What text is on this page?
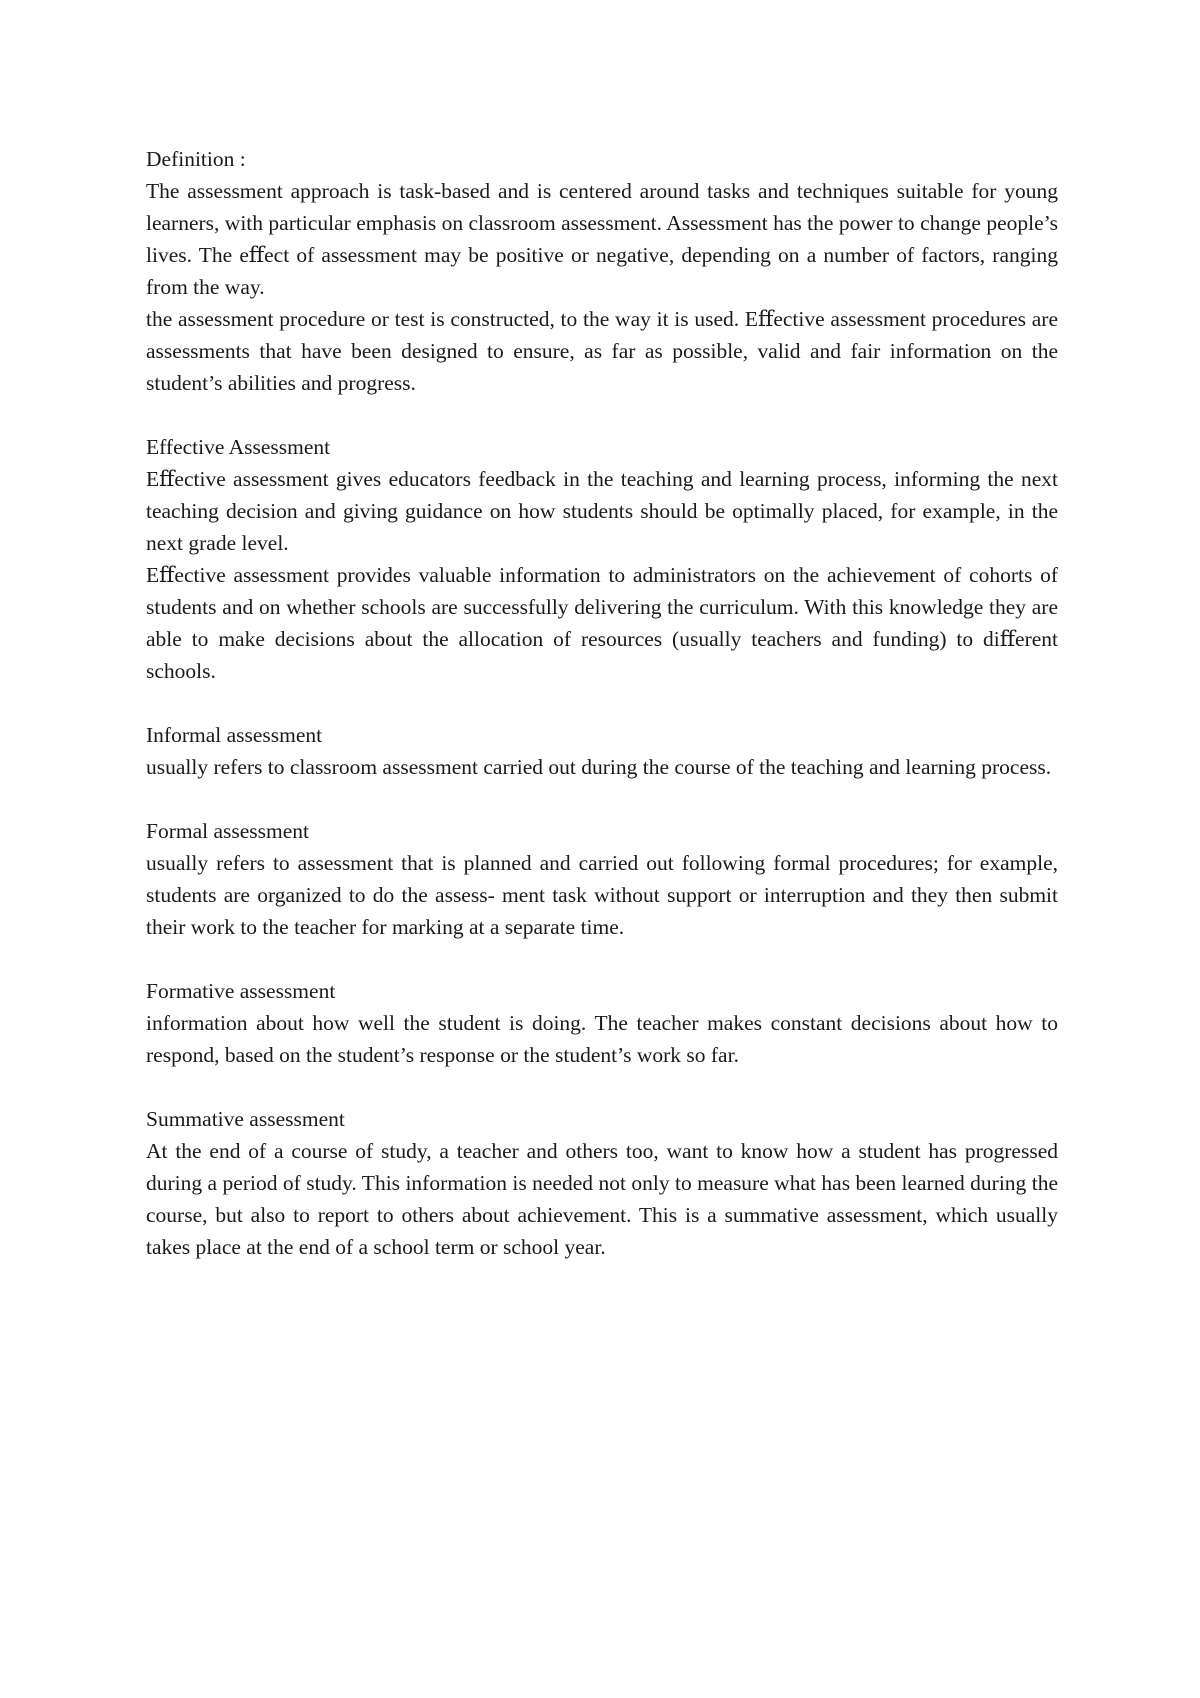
Definition :

The assessment approach is task-based and is centered around tasks and techniques suitable for young learners, with particular emphasis on classroom assessment. Assessment has the power to change people’s lives. The eﬀect of assessment may be positive or negative, depending on a number of factors, ranging from the way.

the assessment procedure or test is constructed, to the way it is used. Eﬀective assessment procedures are assessments that have been designed to ensure, as far as possible, valid and fair information on the student’s abilities and progress.

Effective Assessment

Eﬀective assessment gives educators feedback in the teaching and learning process, informing the next teaching decision and giving guidance on how students should be optimally placed, for example, in the next grade level.

Eﬀective assessment provides valuable information to administrators on the achievement of cohorts of students and on whether schools are successfully delivering the curriculum. With this knowledge they are able to make decisions about the allocation of resources (usually teachers and funding) to diﬀerent schools.

Informal assessment

usually refers to classroom assessment carried out during the course of the teaching and learning process.

Formal assessment

usually refers to assessment that is planned and carried out following formal procedures; for example, students are organized to do the assess- ment task without support or interruption and they then submit their work to the teacher for marking at a separate time.

Formative assessment

information about how well the student is doing. The teacher makes constant decisions about how to respond, based on the student’s response or the student’s work so far.

Summative assessment

At the end of a course of study, a teacher and others too, want to know how a student has progressed during a period of study. This information is needed not only to measure what has been learned during the course, but also to report to others about achievement. This is a summative assessment, which usually takes place at the end of a school term or school year.
